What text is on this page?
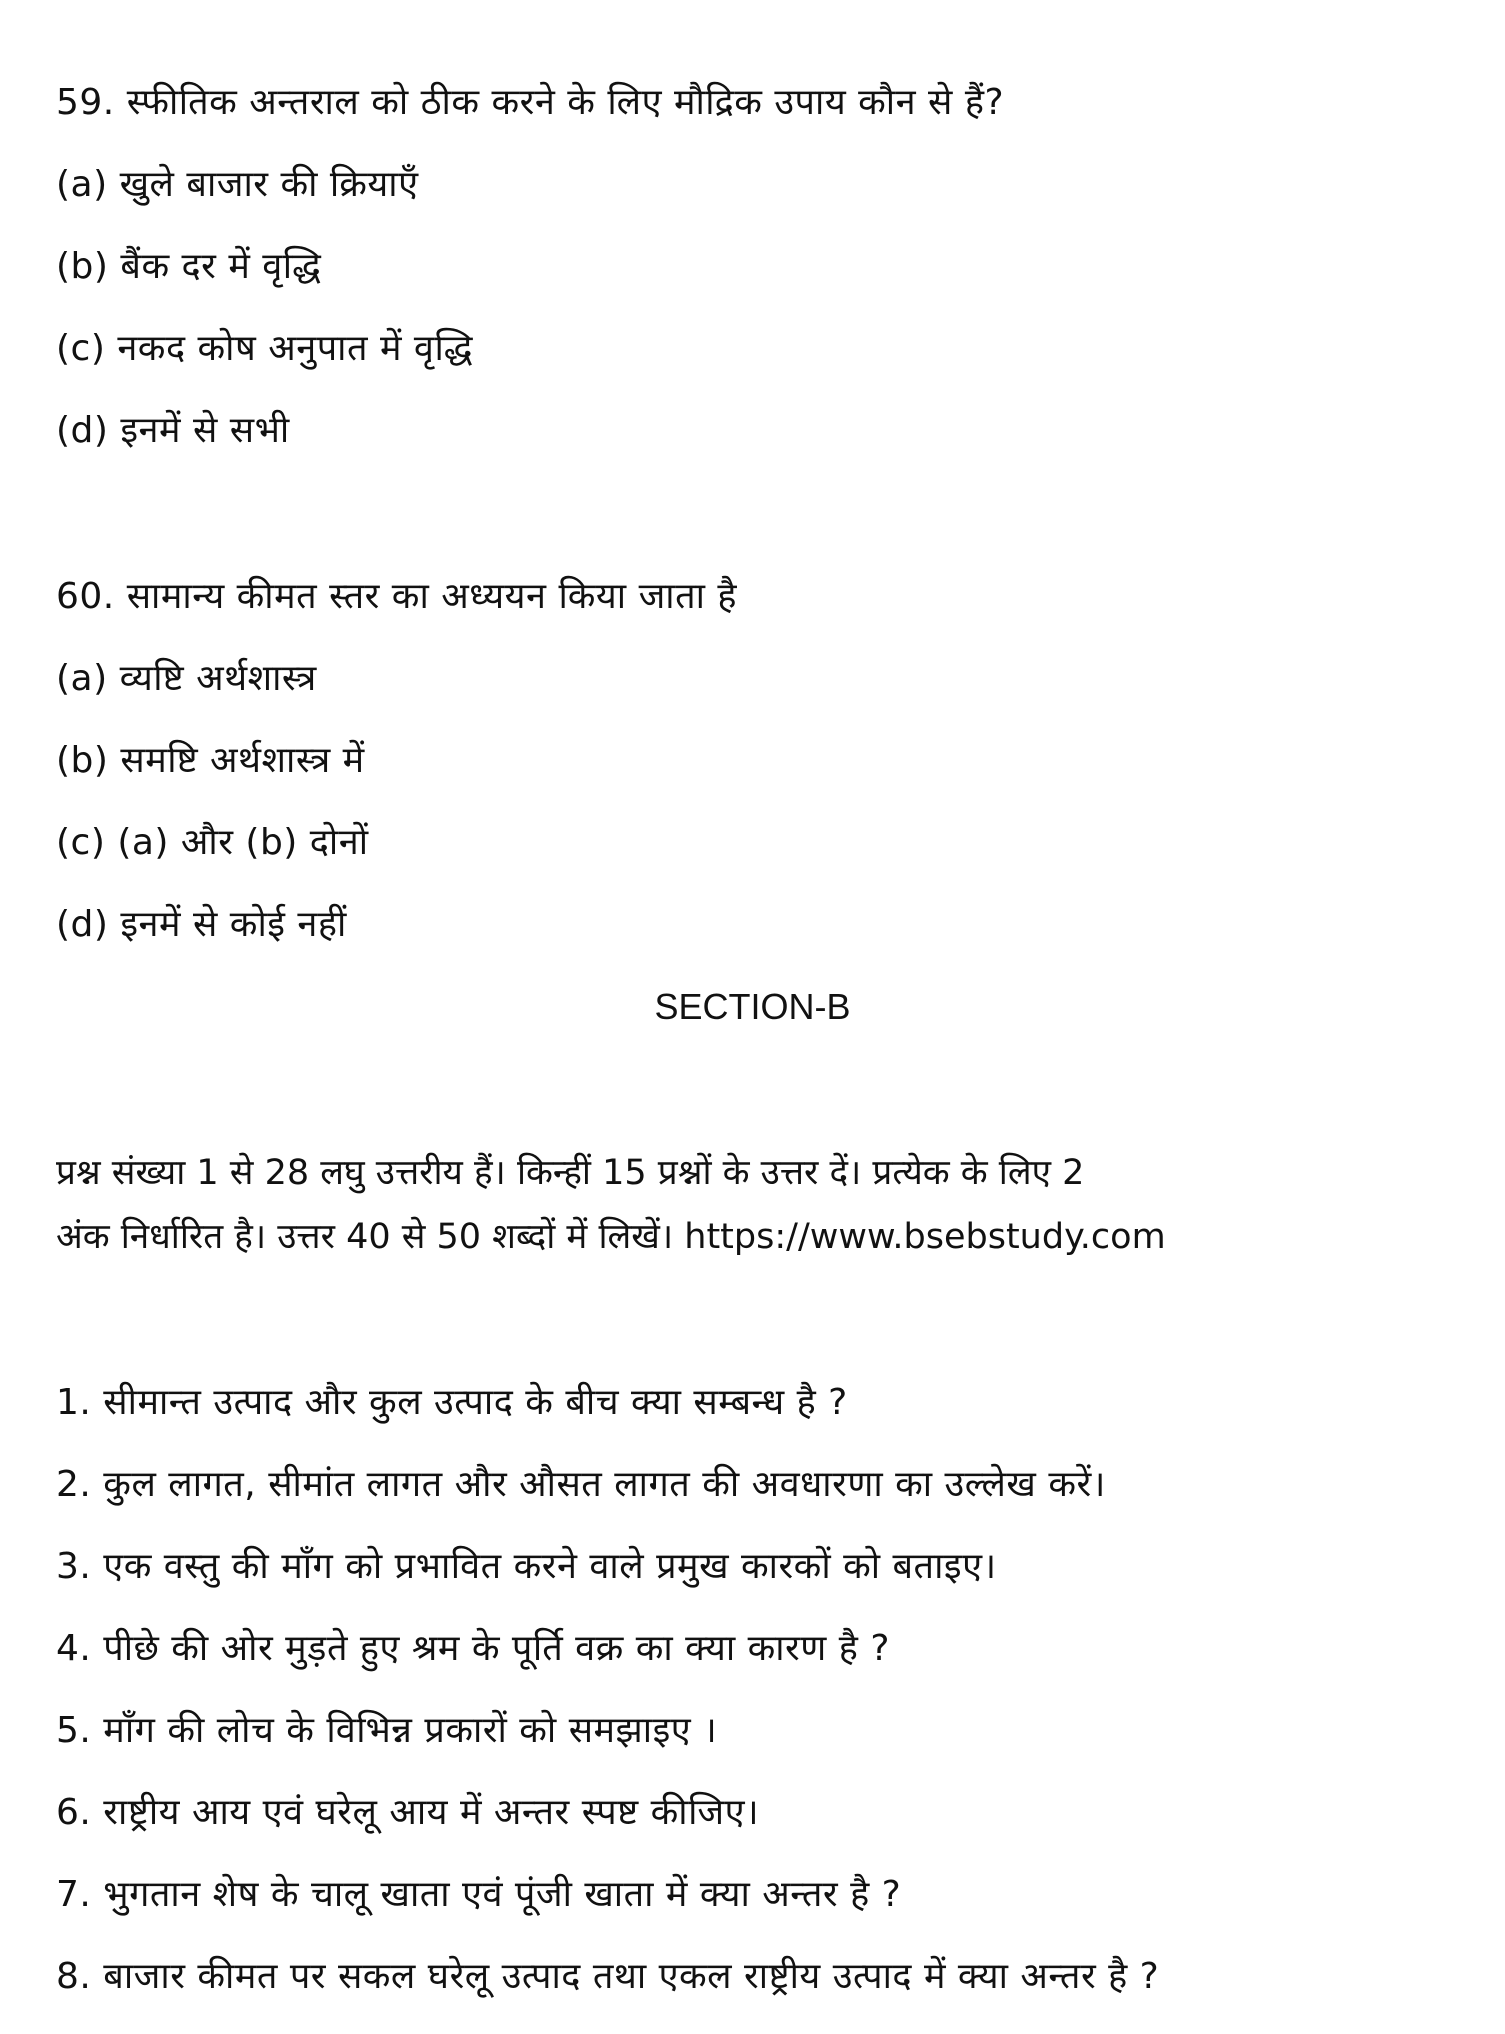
59. स्फीतिक अन्तराल को ठीक करने के लिए मौद्रिक उपाय कौन से हैं?
(a) खुले बाजार की क्रियाएँ
(b) बैंक दर में वृद्धि
(c) नकद कोष अनुपात में वृद्धि
(d) इनमें से सभी
60. सामान्य कीमत स्तर का अध्ययन किया जाता है
(a) व्यष्टि अर्थशास्त्र
(b) समष्टि अर्थशास्त्र में
(c) (a) और (b) दोनों
(d) इनमें से कोई नहीं
SECTION-B
प्रश्न संख्या 1 से 28 लघु उत्तरीय हैं। किन्हीं 15 प्रश्नों के उत्तर दें। प्रत्येक के लिए 2
अंक निर्धारित है। उत्तर 40 से 50 शब्दों में लिखें। https://www.bsebstudy.com
1. सीमान्त उत्पाद और कुल उत्पाद के बीच क्या सम्बन्ध है ?
2. कुल लागत, सीमांत लागत और औसत लागत की अवधारणा का उल्लेख करें।
3. एक वस्तु की माँग को प्रभावित करने वाले प्रमुख कारकों को बताइए।
4. पीछे की ओर मुड़ते हुए श्रम के पूर्ति वक्र का क्या कारण है ?
5. माँग की लोच के विभिन्न प्रकारों को समझाइए ।
6. राष्ट्रीय आय एवं घरेलू आय में अन्तर स्पष्ट कीजिए।
7. भुगतान शेष के चालू खाता एवं पूंजी खाता में क्या अन्तर है ?
8. बाजार कीमत पर सकल घरेलू उत्पाद तथा एकल राष्ट्रीय उत्पाद में क्या अन्तर है ?
